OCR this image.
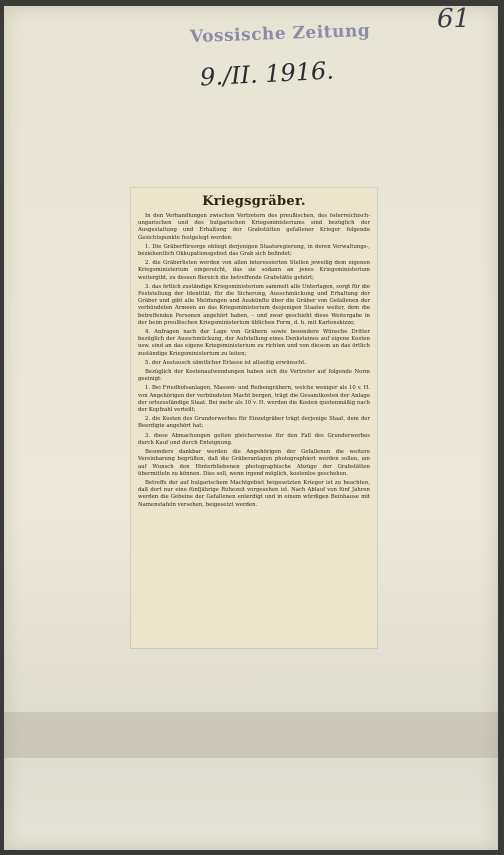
61
Vossische Zeitung
9./II. 1916.
Kriegsgräber.

In den Verhandlungen zwischen Vertretern des preußischen, des österreichisch-ungarischen und des bulgarischen Kriegsministeriums sind bezüglich der Ausgestaltung und Erhaltung der Grabstätten gefallener Krieger folgende Gesichtspunkte festgelegt worden:

1. Die Gräberfürsorge obliegt derjenigen Staatsregierung, in deren Verwaltungs-, beziehentlich Okkupationsgebiet das Grab sich befindet;

2. die Gräberlisten werden von allen interessierten Stellen jeweilig dem eigenen Kriegsministerium eingereicht, das sie sodann an jenes Kriegsministerium weitergibt, zu dessen Bereich die betreffende Grabstätte gehört;

3. das örtlich zuständige Kriegsministerium sammelt alle Unterlagen, sorgt für die Feststellung der Identität, für die Sicherung, Ausschmückung und Erhaltung der Gräber und gibt alle Meldungen und Auskünfte über die Gräber von Gefallenen der verbündeten Armeen an das Kriegsministerium desjenigen Staates weiter, dem die betreffenden Personen angehört haben, – und zwar geschieht diese Weitergabe in der beim preußischen Kriegsministerium üblichen Form, d. h. mit Kartenskizze;

4. Anfragen nach der Lage von Gräbern sowie besondere Wünsche Dritter bezüglich der Ausschmückung, der Aufstellung eines Denksteines auf eigene Kosten usw. sind an das eigene Kriegsministerium zu richten und von diesem an das örtlich zuständige Kriegsministerium zu leiten;

5. der Austausch sämtlicher Erlasse ist allseitig erwünscht.

Bezüglich der Kostenaufwendungen haben sich die Vertreter auf folgende Norm geeinigt:

1. Bei Friedhofsanlagen, Massen- und Reihengräbern, welche weniger als 10 v. H. von Angehörigen der verbündeten Macht bergen, trägt die Gesamtkosten der Anlage der ortszuständige Staat. Bei mehr als 10 v. H. werden die Kosten quotenmäßig nach der Kopfzahl verteilt;

2. die Kosten des Grunderwerbes für Einzelgräber trägt derjenige Staat, dem der Beerdigte angehört hat;

3. diese Abmachungen gelten gleicherweise für den Fall des Grunderwerbes durch Kauf und durch Enteignung.

Besonders dankbar werden die Angehörigen der Gefallenen die weitere Vereinbarung begrüßen, daß die Gräberanlagen photographiert werden sollen, um auf Wunsch den Hinterbliebenen photographische Abzüge der Grabstätten übermitteln zu können. Dies soll, wenn irgend möglich, kostenlos geschehen.

Betreffs der auf bulgarischem Machtgebiet beigesetzten Krieger ist zu beachten, daß dort nur eine fünfjährige Ruhezeit vorgesehen ist. Nach Ablauf von fünf Jahren werden die Gebeine der Gefallenen enterdigt und in einem würdigen Beinhause mit Namenstafeln versehen, beigesetzt werden.
